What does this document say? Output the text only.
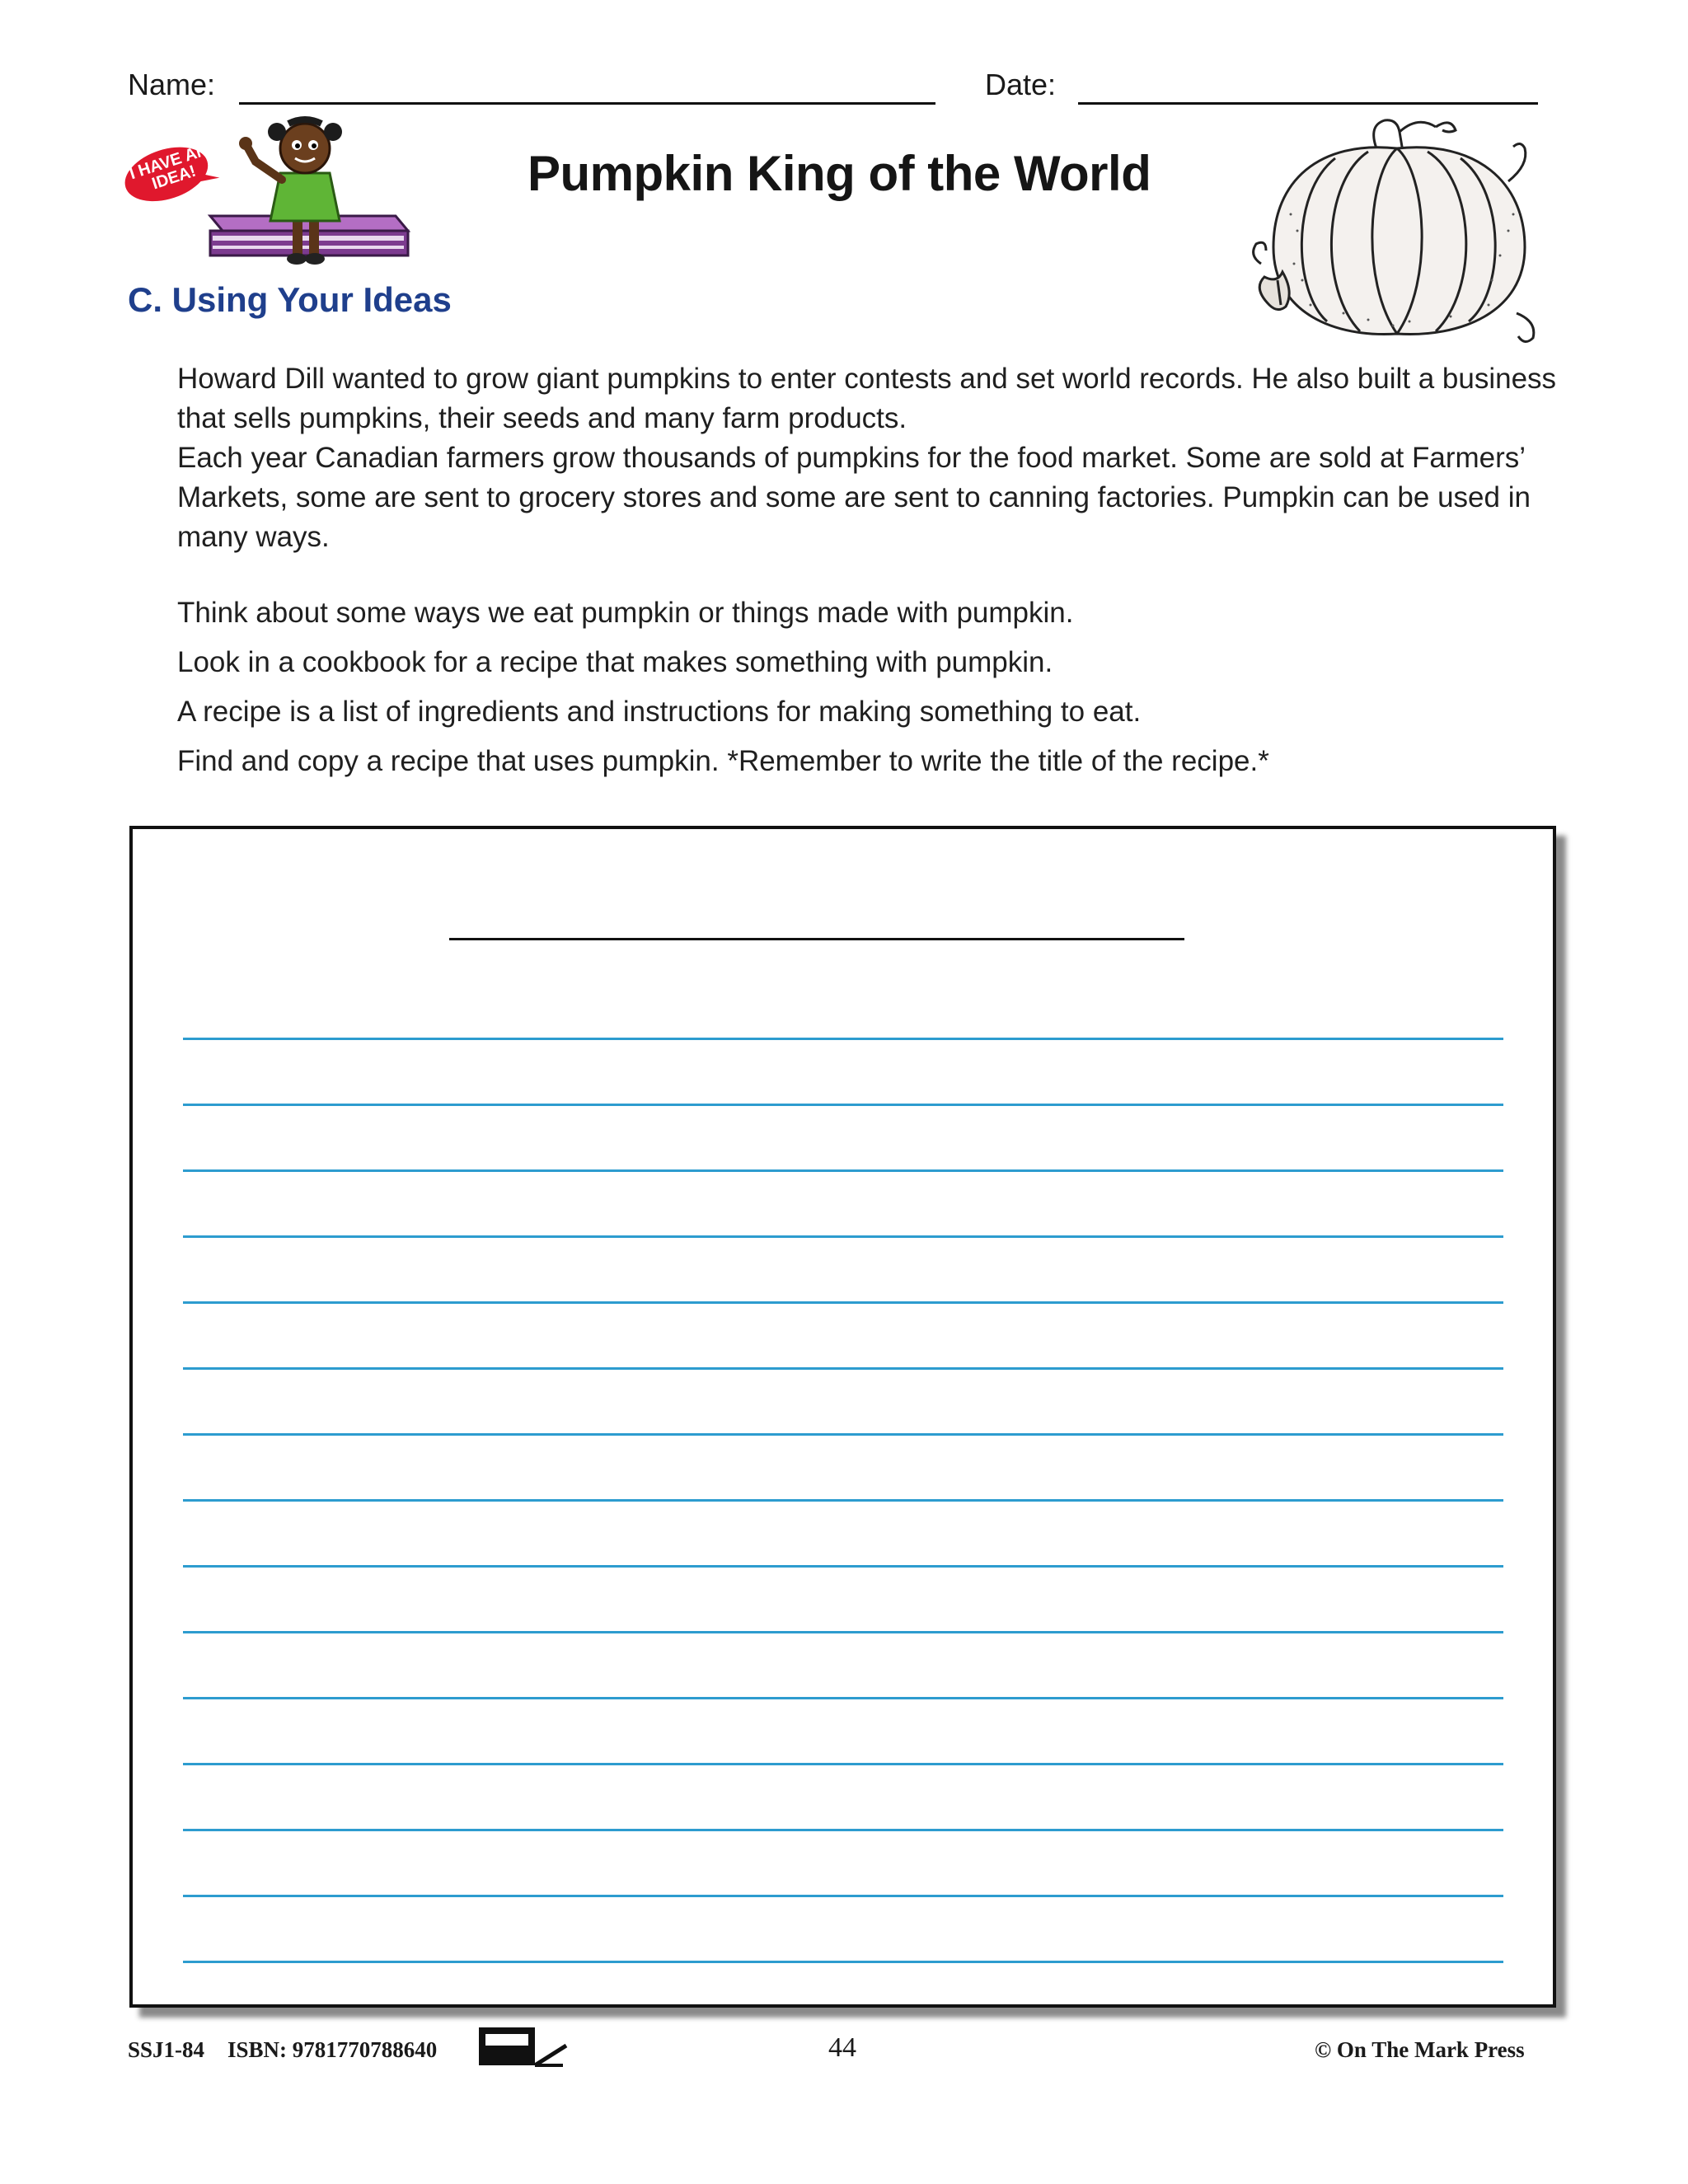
Name:	Date:
I HAVE AN IDEA!	Pumpkin King of the World
C. Using Your Ideas

Howard Dill wanted to grow giant pumpkins to enter contests and set world records. He also built a business that sells pumpkins, their seeds and many farm products.

Each year Canadian farmers grow thousands of pumpkins for the food market. Some are sold at Farmers’ Markets, some are sent to grocery stores and some are sent to canning factories. Pumpkin can be used in many ways.

Think about some ways we eat pumpkin or things made with pumpkin.
Look in a cookbook for a recipe that makes something with pumpkin.
A recipe is a list of ingredients and instructions for making something to eat.
Find and copy a recipe that uses pumpkin. *Remember to write the title of the recipe.*
SSJ1-84 ISBN: 9781770788640	44	© On The Mark Press
